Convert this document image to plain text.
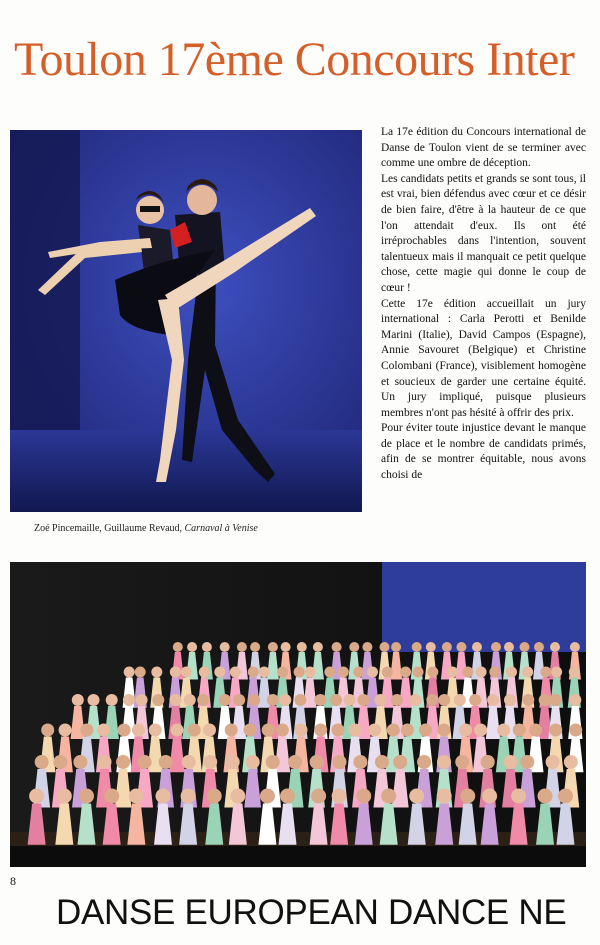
Toulon 17ème Concours Inter
Zoé Pincemaille, Guillaume Revaud, Carnaval à Venise

La 17e édition du Concours international de Danse de Toulon vient de se terminer avec comme une ombre de déception.

Les candidats petits et grands se sont tous, il est vrai, bien défendus avec cœur et ce désir de bien faire, d'être à la hauteur de ce que l'on attendait d'eux. Ils ont été irréprochables dans l'intention, souvent talentueux mais il manquait ce petit quelque chose, cette magie qui donne le coup de cœur !

Cette 17e édition accueillait un jury international : Carla Perotti et Benilde Marini (Italie), David Campos (Espagne), Annie Savouret (Belgique) et Christine Colombani (France), visiblement homogène et soucieux de garder une certaine équité. Un jury impliqué, puisque plusieurs membres n'ont pas hésité à offrir des prix.

Pour éviter toute injustice devant le manque de place et le nombre de candidats primés, afin de se montrer équitable, nous avons choisi de

8
DANSE EUROPEAN DANCE NE
